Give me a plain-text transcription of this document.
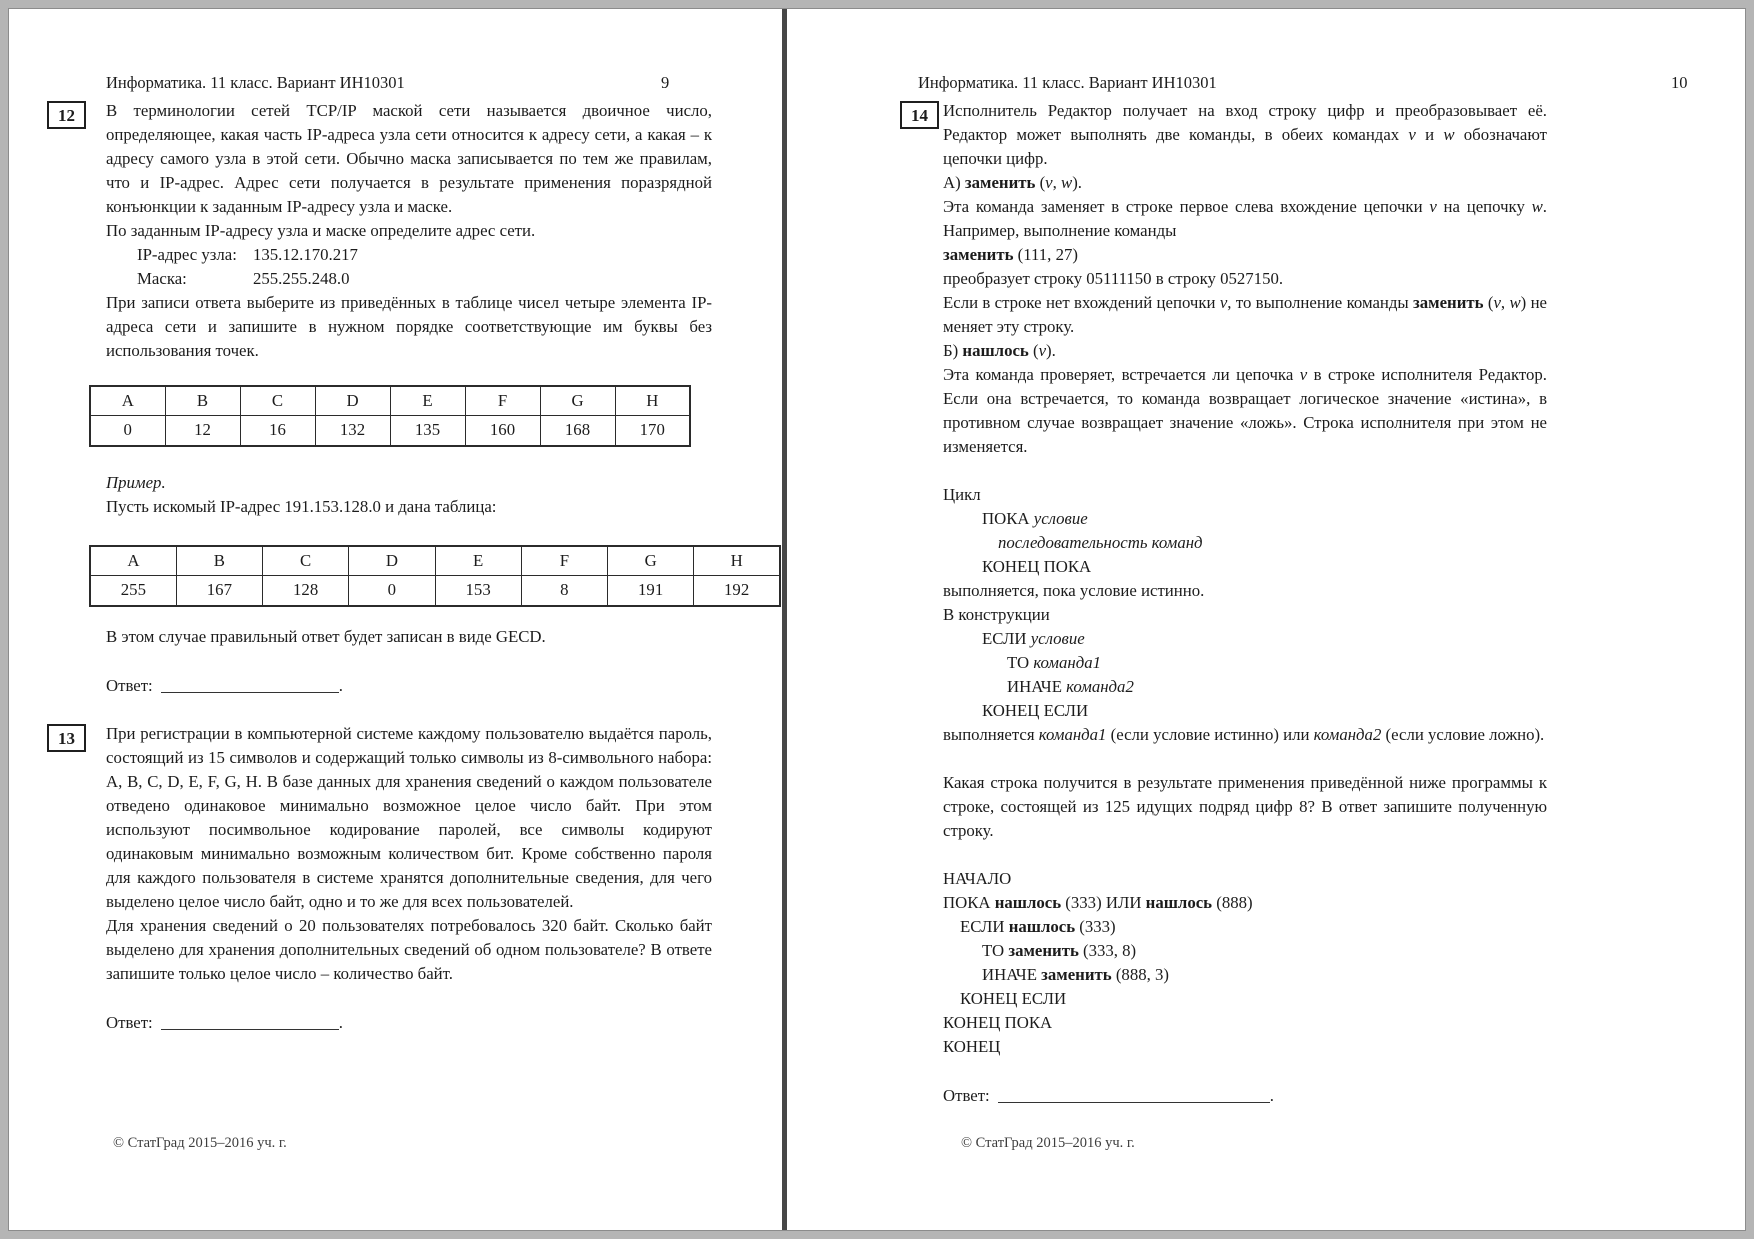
Информатика. 11 класс. Вариант ИН10301	9
12	В терминологии сетей TCP/IP маской сети называется двоичное число, определяющее, какая часть IP-адреса узла сети относится к адресу сети, а какая – к адресу самого узла в этой сети. Обычно маска записывается по тем же правилам, что и IP-адрес. Адрес сети получается в результате применения поразрядной конъюнкции к заданным IP-адресу узла и маске.

По заданным IP-адресу узла и маске определите адрес сети.

IP-адрес узла: 135.12.170.217
Маска:	255.255.248.0

При записи ответа выберите из приведённых в таблице чисел четыре элемента IP-адреса сети и запишите в нужном порядке соответствующие им буквы без использования точек.

A	B	C	D	E	F	G	H
0	12	16	132	135	160	168	170

Пример.

Пусть искомый IP-адрес 191.153.128.0 и дана таблица:

A	B	C	D	E	F	G	H
255	167	128	0	153	8	191	192

В этом случае правильный ответ будет записан в виде GECD.

Ответ:	.
13	При регистрации в компьютерной системе каждому пользователю выдаётся пароль, состоящий из 15 символов и содержащий только символы из 8-символьного набора: A, B, C, D, E, F, G, H. В базе данных для хранения сведений о каждом пользователе отведено одинаковое минимально возможное целое число байт. При этом используют посимвольное кодирование паролей, все символы кодируют одинаковым минимально возможным количеством бит. Кроме собственно пароля для каждого пользователя в системе хранятся дополнительные сведения, для чего выделено целое число байт, одно и то же для всех пользователей.

Для хранения сведений о 20 пользователях потребовалось 320 байт. Сколько байт выделено для хранения дополнительных сведений об одном пользователе? В ответе запишите только целое число – количество байт.

Ответ:	.
© СтатГрад 2015–2016 уч. г.
Информатика. 11 класс. Вариант ИН10301	10
14 Исполнитель Редактор получает на вход строку цифр и преобразовывает её. Редактор может выполнять две команды, в обеих командах v и w обозначают цепочки цифр.

А) заменить (v, w).

Эта команда заменяет в строке первое слева вхождение цепочки v на цепочку w. Например, выполнение команды

заменить (111, 27)
преобразует строку 05111150 в строку 0527150.

Если в строке нет вхождений цепочки v, то выполнение команды заменить (v, w) не меняет эту строку.

Б) нашлось (v).

Эта команда проверяет, встречается ли цепочка v в строке исполнителя Редактор. Если она встречается, то команда возвращает логическое значение «истина», в противном случае возвращает значение «ложь». Строка исполнителя при этом не изменяется.

Цикл
ПОКА условие
последовательность команд
КОНЕЦ ПОКА
выполняется, пока условие истинно.
В конструкции
ЕСЛИ условие
ТО команда1
ИНАЧЕ команда2
КОНЕЦ ЕСЛИ

выполняется команда1 (если условие истинно) или команда2 (если условие ложно).

Какая строка получится в результате применения приведённой ниже программы к строке, состоящей из 125 идущих подряд цифр 8? В ответ запишите полученную строку.

НАЧАЛО
ПОКА нашлось (333) ИЛИ нашлось (888)
ЕСЛИ нашлось (333)
ТО заменить (333, 8)
ИНАЧЕ заменить (888, 3)
КОНЕЦ ЕСЛИ
КОНЕЦ ПОКА
КОНЕЦ
Ответ:	.
© СтатГрад 2015–2016 уч. г.
